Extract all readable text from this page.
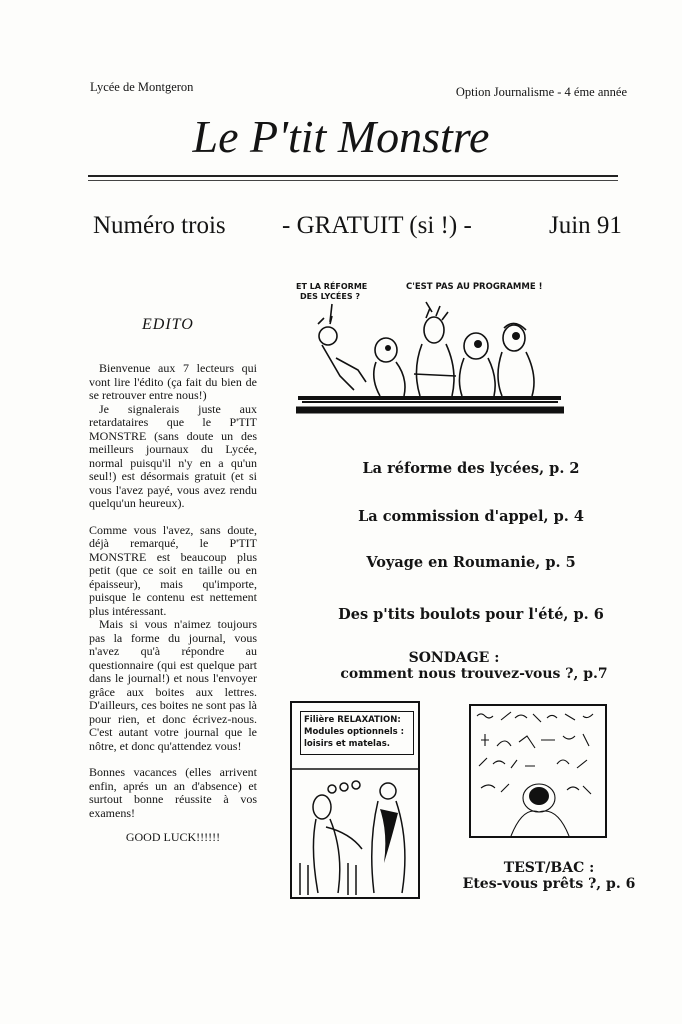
Lycée de Montgeron	Option Journalisme - 4 éme année
Le P'tit Monstre
Numéro trois - GRATUIT (si !) -	Juin 91
EDITO

Bienvenue aux 7 lecteurs qui vont lire l'édito (ça fait du bien de se retrouver entre nous!)

Je signalerais juste aux retardataires que le P'TIT MONSTRE (sans doute un des meilleurs journaux du Lycée, normal puisqu'il n'y en a qu'un seul!) est désormais gratuit (et si vous l'avez payé, vous avez rendu quelqu'un heureux).

Comme vous l'avez, sans doute, déjà remarqué, le P'TIT MONSTRE est beaucoup plus petit (que ce soit en taille ou en épaisseur), mais qu'importe, puisque le contenu est nettement plus intéressant.

Mais si vous n'aimez toujours pas la forme du journal, vous n'avez qu'à répondre au questionnaire (qui est quelque part dans le journal!) et nous l'envoyer grâce aux boites aux lettres. D'ailleurs, ces boites ne sont pas là pour rien, et donc écrivez-nous. C'est autant votre journal que le nôtre, et donc qu'attendez vous!

Bonnes vacances (elles arrivent enfin, aprés un an d'absence) et surtout bonne réussite à vos examens!

GOOD LUCK!!!!!!
ET LA RÉFORME
DES LYCÉES ?
C'EST PAS AU PROGRAMME !
La réforme des lycées, p. 2
La commission d'appel, p. 4
Voyage en Roumanie, p. 5
Des p'tits boulots pour l'été, p. 6
SONDAGE :
comment nous trouvez-vous ?, p.7
Filière RELAXATION:
Modules optionnels :
loisirs et matelas.
TEST/BAC :
Etes-vous prêts ?, p. 6
